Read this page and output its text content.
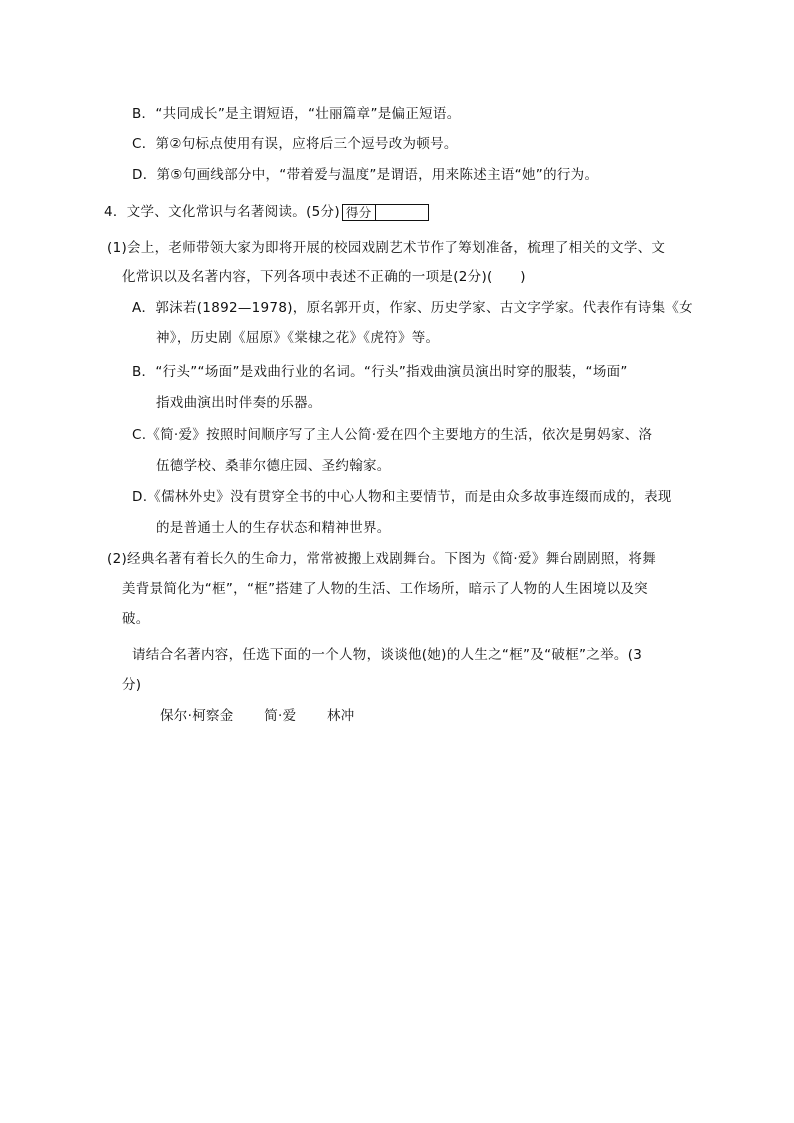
B．“共同成长”是主谓短语，“壮丽篇章”是偏正短语。
C．第②句标点使用有误，应将后三个逗号改为顿号。
D．第⑤句画线部分中，“带着爱与温度”是谓语，用来陈述主语“她”的行为。
4．文学、文化常识与名著阅读。(5分) 得分
(1)会上，老师带领大家为即将开展的校园戏剧艺术节作了筹划准备，梳理了相关的文学、文
化常识以及名著内容，下列各项中表述不正确的一项是(2分)(　　)
A．郭沫若(1892—1978)，原名郭开贞，作家、历史学家、古文字学家。代表作有诗集《女
神》，历史剧《屈原》《棠棣之花》《虎符》等。
B．“行头”“场面”是戏曲行业的名词。“行头”指戏曲演员演出时穿的服装，“场面”
指戏曲演出时伴奏的乐器。
C.《简·爱》按照时间顺序写了主人公简·爱在四个主要地方的生活，依次是舅妈家、洛
伍德学校、桑菲尔德庄园、圣约翰家。
D.《儒林外史》没有贯穿全书的中心人物和主要情节，而是由众多故事连缀而成的，表现
的是普通士人的生存状态和精神世界。
(2)经典名著有着长久的生命力，常常被搬上戏剧舞台。下图为《简·爱》舞台剧剧照，将舞
美背景简化为“框”，“框”搭建了人物的生活、工作场所，暗示了人物的人生困境以及突
破。
请结合名著内容，任选下面的一个人物，谈谈他(她)的人生之“框”及“破框”之举。(3
分)
保尔·柯察金 简·爱 林冲
